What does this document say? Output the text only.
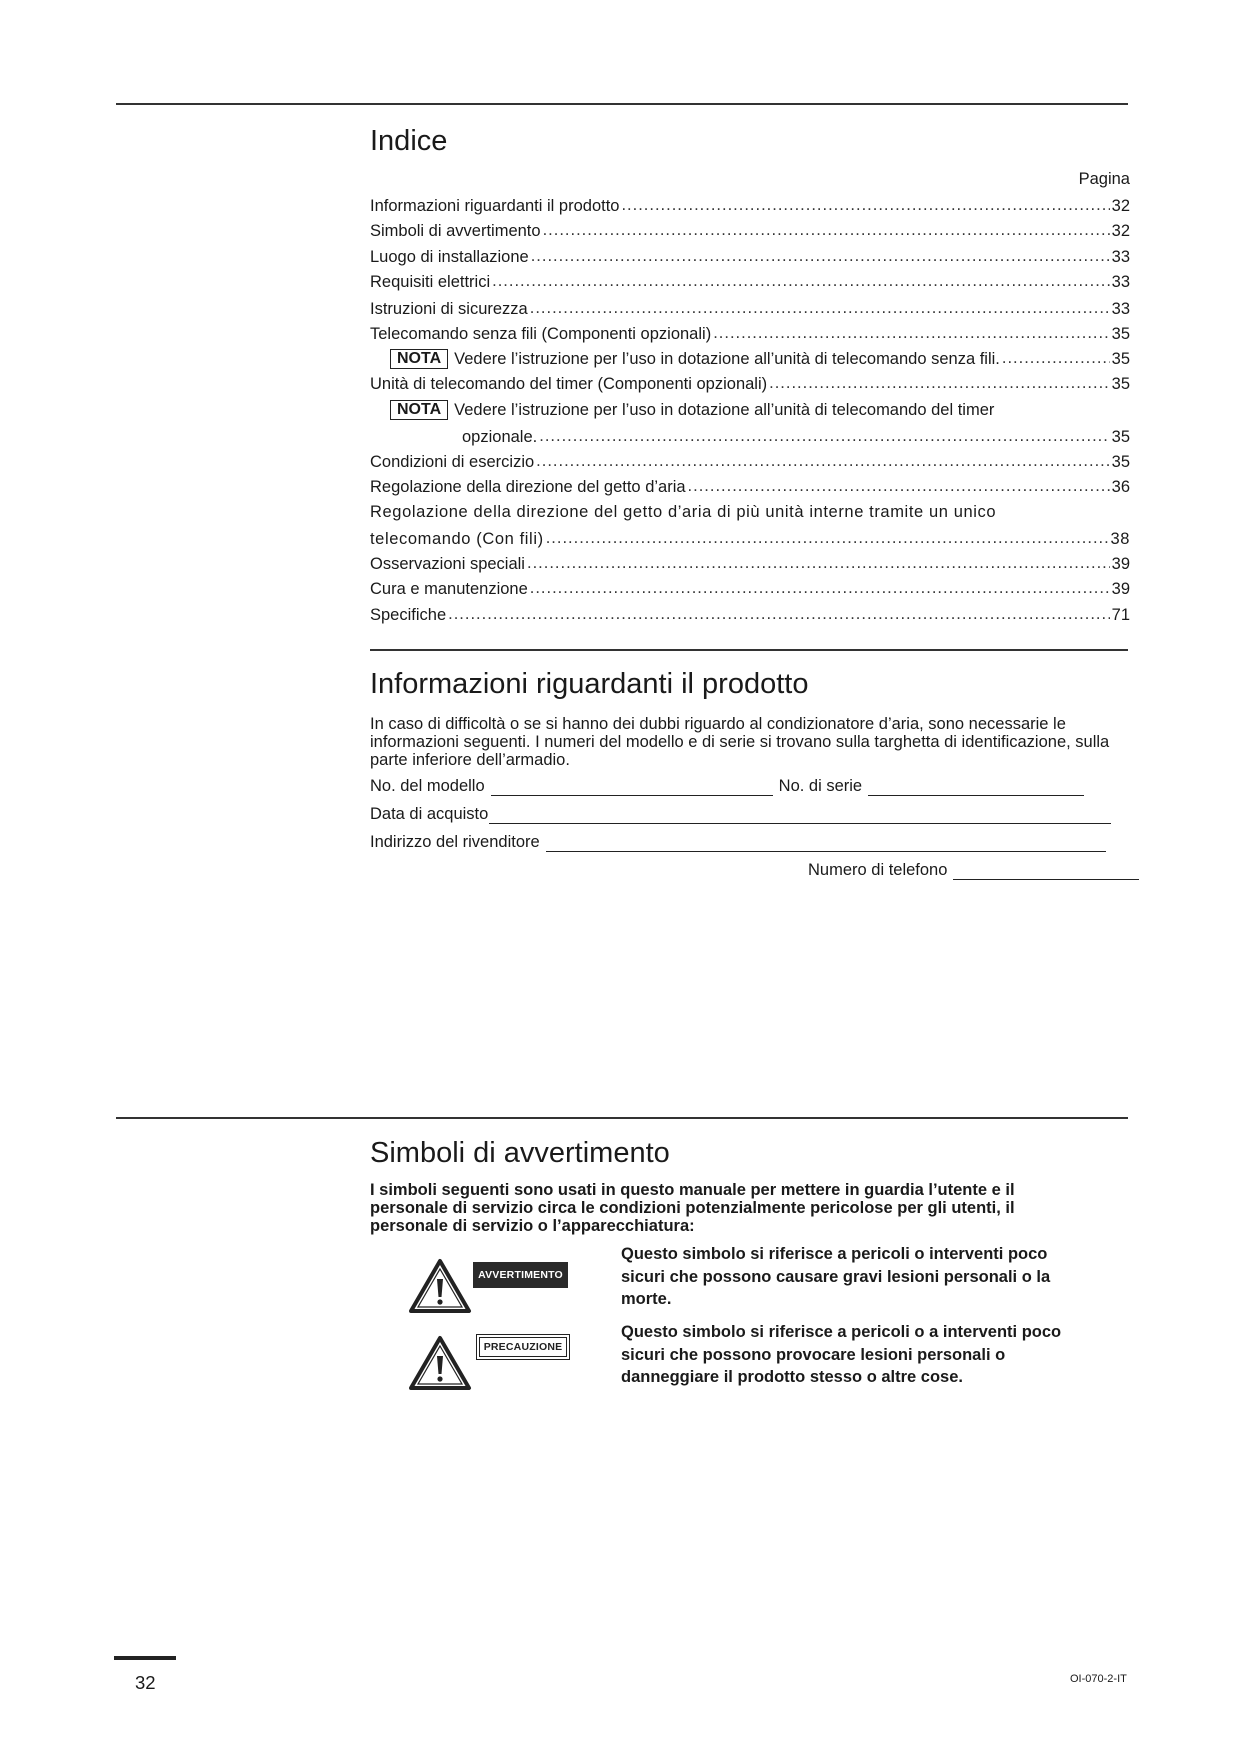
Indice
Pagina
Informazioni riguardanti il prodotto .....	32
Simboli di avvertimento .....	32
Luogo di installazione .....	33
Requisiti elettrici .....	33
Istruzioni di sicurezza .....	33
Telecomando senza fili (Componenti opzionali) .....	35
NOTA Vedere l’istruzione per l’uso in dotazione all’unità di telecomando senza fili. .....	35
Unità di telecomando del timer (Componenti opzionali) .....	35
NOTA Vedere l’istruzione per l’uso in dotazione all’unità di telecomando del timer
opzionale. .....	35
Condizioni di esercizio .....	35
Regolazione della direzione del getto d’aria .....	36
Regolazione della direzione del getto d’aria di più unità interne tramite un unico
telecomando (Con fili) .....	38
Osservazioni speciali .....	39
Cura e manutenzione .....	39
Specifiche .....	71
Informazioni riguardanti il prodotto
In caso di difficoltà o se si hanno dei dubbi riguardo al condizionatore d’aria, sono necessarie le informazioni seguenti. I numeri del modello e di serie si trovano sulla targhetta di identificazione, sulla parte inferiore dell’armadio.
No. del modello	No. di serie
Data di acquisto
Indirizzo del rivenditore
Numero di telefono
Simboli di avvertimento
I simboli seguenti sono usati in questo manuale per mettere in guardia l’utente e il personale di servizio circa le condizioni potenzialmente pericolose per gli utenti, il personale di servizio o l’apparecchiatura:
AVVERTIMENTO
Questo simbolo si riferisce a pericoli o interventi poco sicuri che possono causare gravi lesioni personali o la morte.
PRECAUZIONE
Questo simbolo si riferisce a pericoli o a interventi poco sicuri che possono provocare lesioni personali o danneggiare il prodotto stesso o altre cose.
32	OI-070-2-IT
